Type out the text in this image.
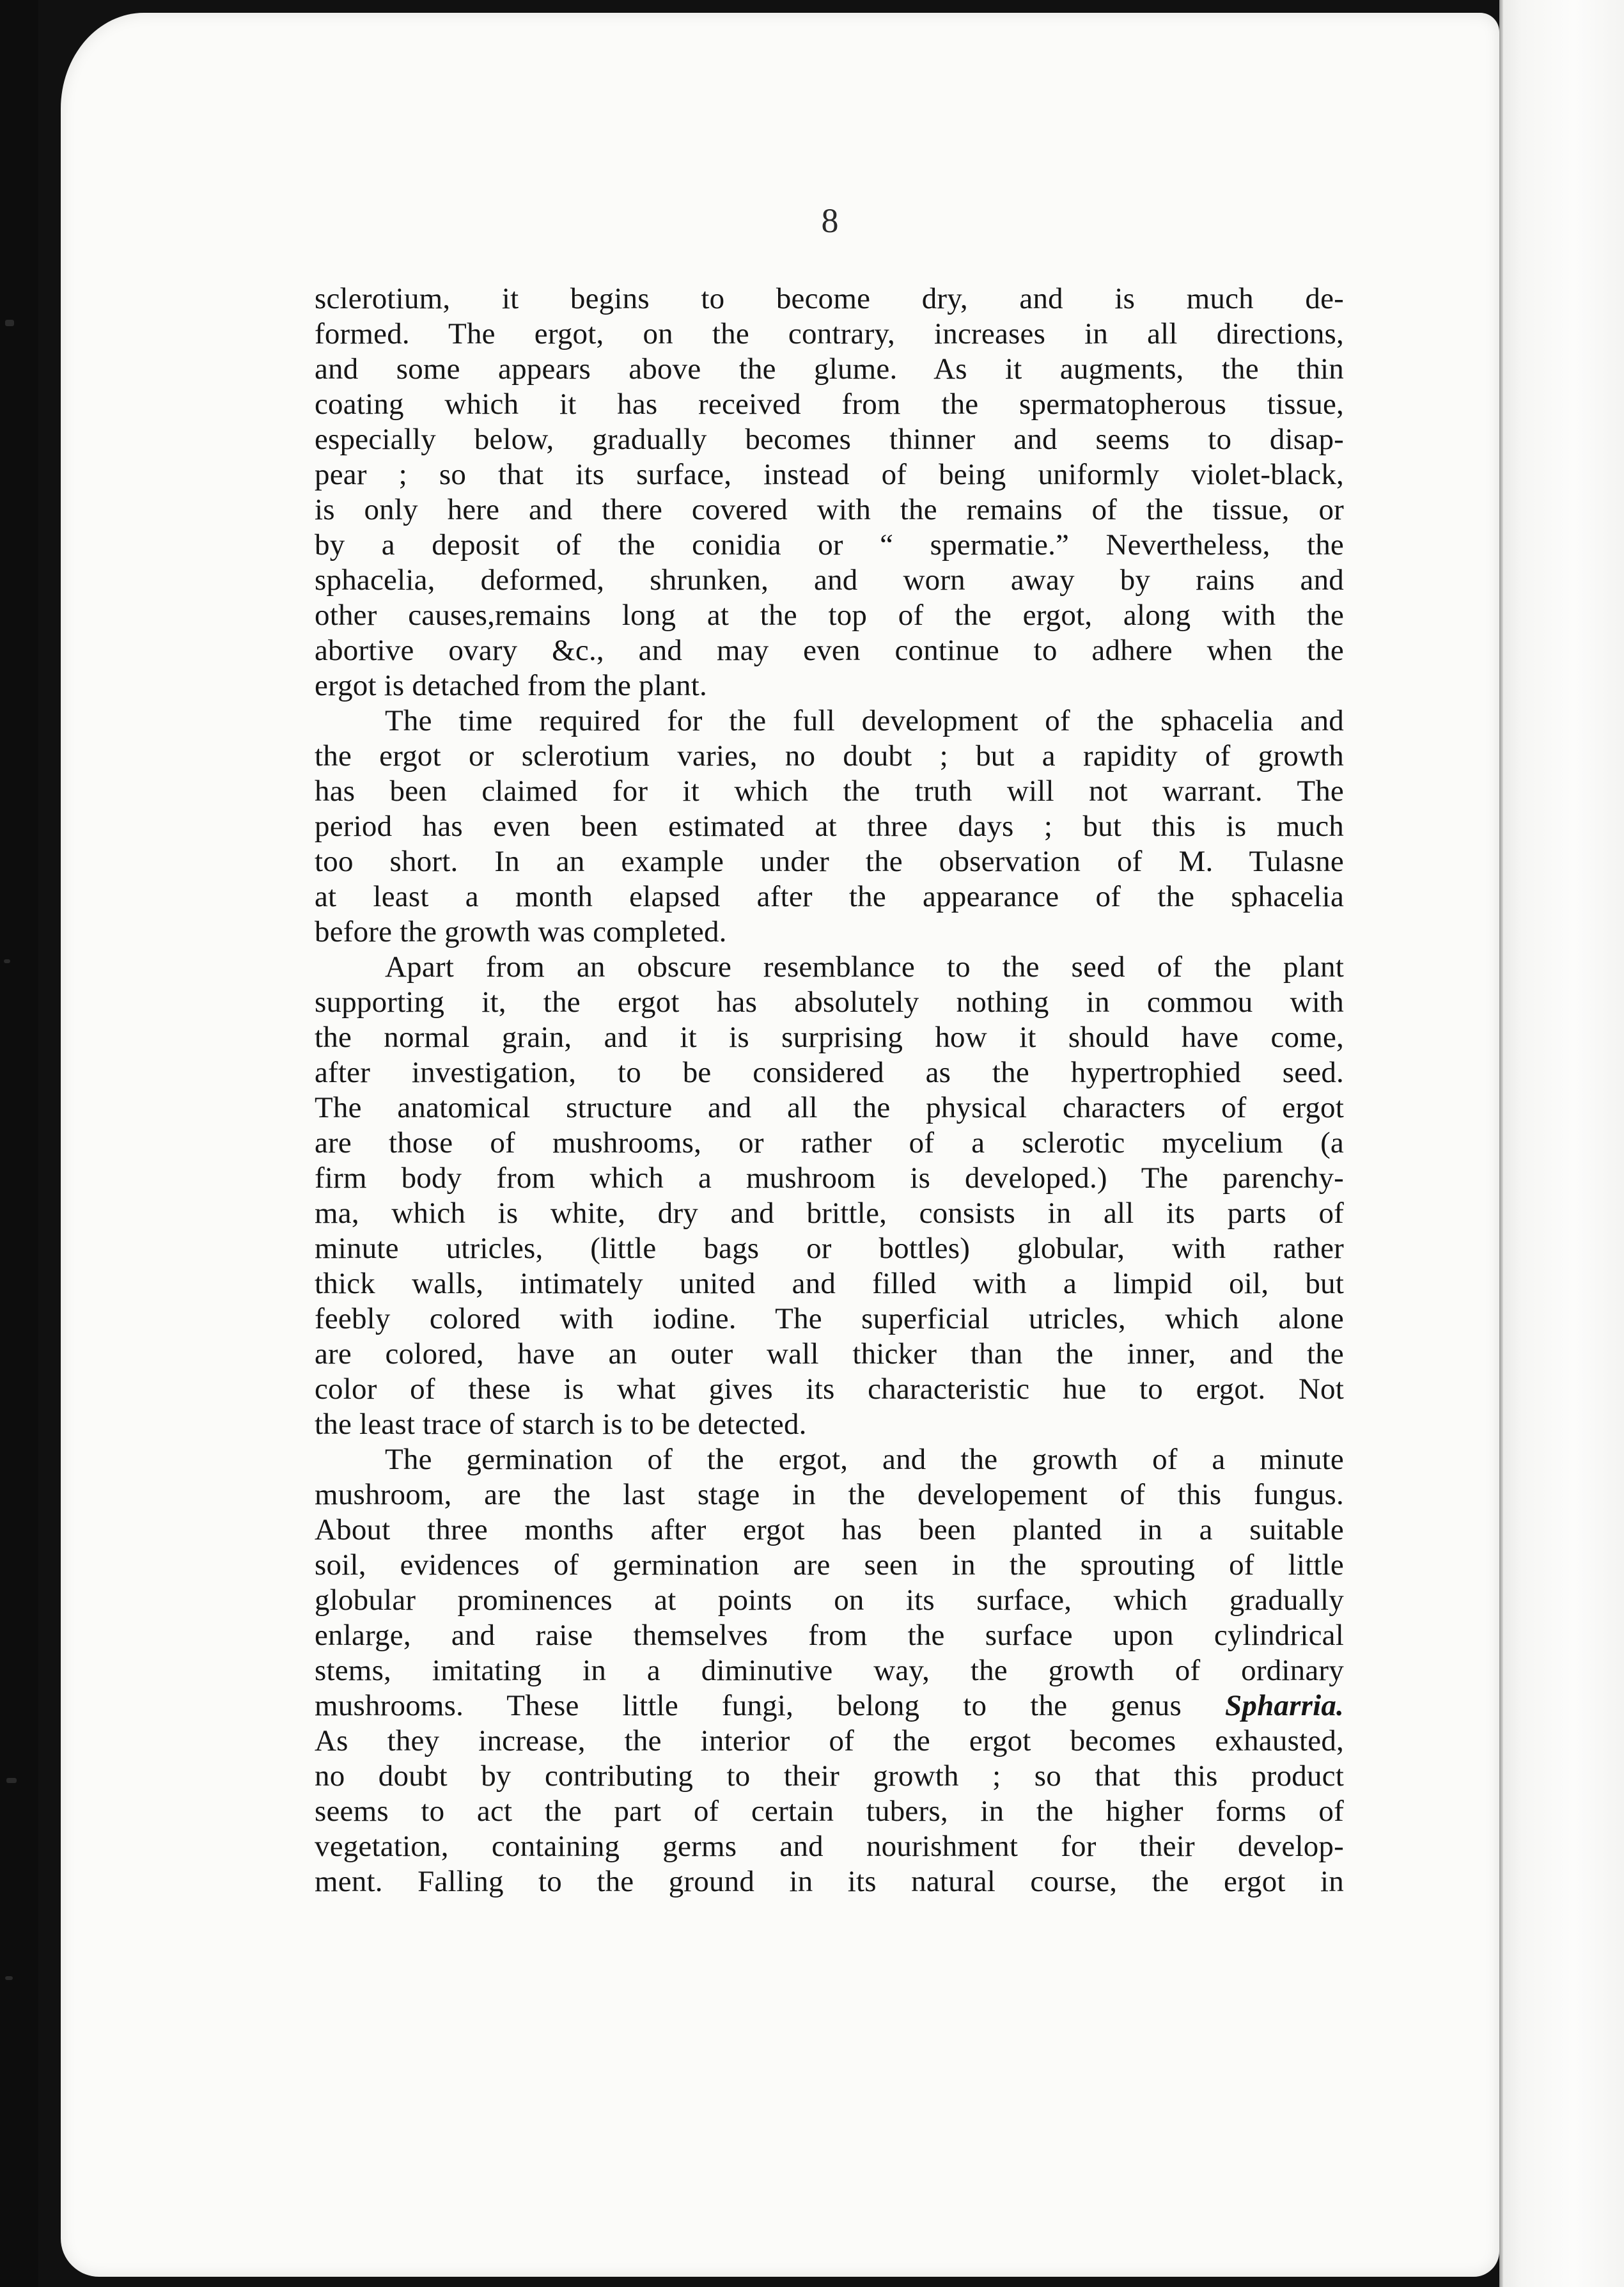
8
sclerotium, it begins to become dry, and is much de-
formed. The ergot, on the contrary, increases in all directions,
and some appears above the glume. As it augments, the thin
coating which it has received from the spermatopherous tissue,
especially below, gradually becomes thinner and seems to disap-
pear ; so that its surface, instead of being uniformly violet-black,
is only here and there covered with the remains of the tissue, or
by a deposit of the conidia or “ spermatie.” Nevertheless, the
sphacelia, deformed, shrunken, and worn away by rains and
other causes,remains long at the top of the ergot, along with the
abortive ovary &c., and may even continue to adhere when the
ergot is detached from the plant.
The time required for the full development of the sphacelia and
the ergot or sclerotium varies, no doubt ; but a rapidity of growth
has been claimed for it which the truth will not warrant. The
period has even been estimated at three days ; but this is much
too short. In an example under the observation of M. Tulasne
at least a month elapsed after the appearance of the sphacelia
before the growth was completed.
Apart from an obscure resemblance to the seed of the plant
supporting it, the ergot has absolutely nothing in commou with
the normal grain, and it is surprising how it should have come,
after investigation, to be considered as the hypertrophied seed.
The anatomical structure and all the physical characters of ergot
are those of mushrooms, or rather of a sclerotic mycelium (a
firm body from which a mushroom is developed.) The parenchy-
ma, which is white, dry and brittle, consists in all its parts of
minute utricles, (little bags or bottles) globular, with rather
thick walls, intimately united and filled with a limpid oil, but
feebly colored with iodine. The superficial utricles, which alone
are colored, have an outer wall thicker than the inner, and the
color of these is what gives its characteristic hue to ergot. Not
the least trace of starch is to be detected.
The germination of the ergot, and the growth of a minute
mushroom, are the last stage in the developement of this fungus.
About three months after ergot has been planted in a suitable
soil, evidences of germination are seen in the sprouting of little
globular prominences at points on its surface, which gradually
enlarge, and raise themselves from the surface upon cylindrical
stems, imitating in a diminutive way, the growth of ordinary
mushrooms. These little fungi, belong to the genus Spharria.
As they increase, the interior of the ergot becomes exhausted,
no doubt by contributing to their growth ; so that this product
seems to act the part of certain tubers, in the higher forms of
vegetation, containing germs and nourishment for their develop-
ment. Falling to the ground in its natural course, the ergot in
